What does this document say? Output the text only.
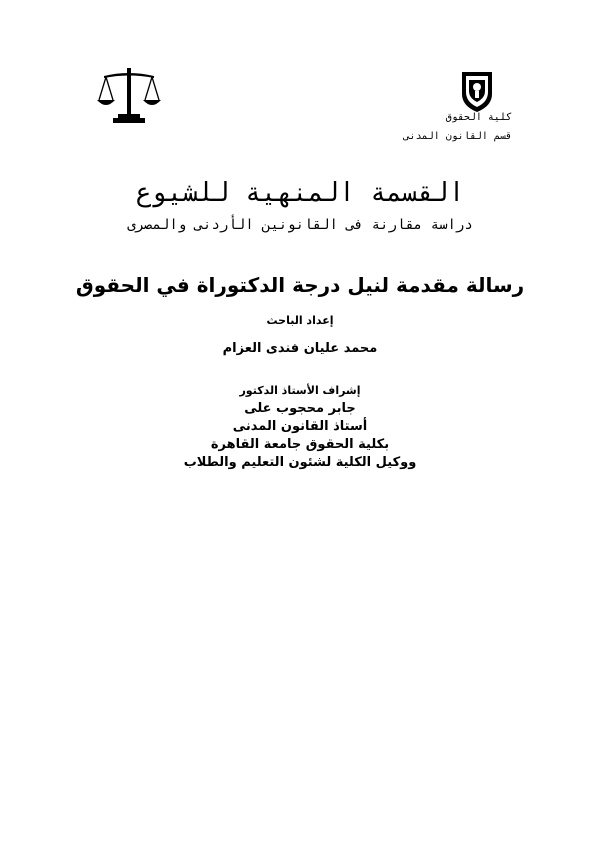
كلية الحقوق
قسم القانون المدنى
القسمة المنهية للشيوع
دراسة مقارنة فى القانونين الأردنى والمصرى
رسالة مقدمة لنيل درجة الدكتوراة في الحقوق
إعداد الباحث
محمد عليان فندى العزام
إشراف الأستاذ الدكتور
جابر محجوب على
أستاذ القانون المدنى
بكلية الحقوق جامعة القاهرة
ووكيل الكلية لشئون التعليم والطلاب
